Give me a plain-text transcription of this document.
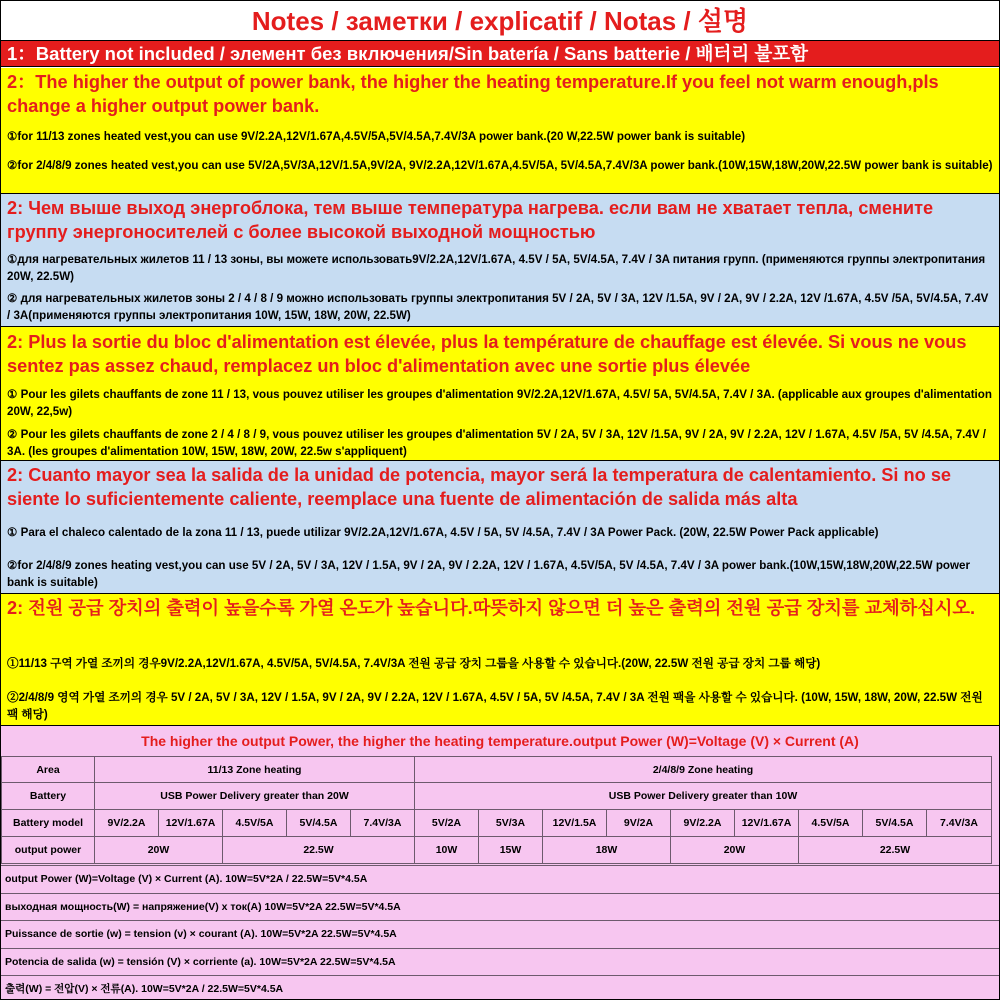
Notes / заметки / explicatif / Notas / 설명
1：Battery not included / элемент без включения/Sin batería / Sans batterie / 배터리 불포함
2：The higher the output of power bank, the higher the heating temperature.If you feel not warm enough,pls change a higher output power bank.
①for 11/13 zones heated vest,you can use 9V/2.2A,12V/1.67A,4.5V/5A,5V/4.5A,7.4V/3A power bank.(20 W,22.5W power bank is suitable)
②for 2/4/8/9 zones heated vest,you can use 5V/2A,5V/3A,12V/1.5A,9V/2A, 9V/2.2A,12V/1.67A,4.5V/5A, 5V/4.5A,7.4V/3A power bank.(10W,15W,18W,20W,22.5W power bank is suitable)
2: Чем выше выход энергоблока, тем выше температура нагрева. если вам не хватает тепла, смените группу энергоносителей с более высокой выходной мощностью
①для нагревательных жилетов 11 / 13 зоны, вы можете использовать9V/2.2A,12V/1.67A, 4.5V / 5A, 5V/4.5A, 7.4V / 3A питания групп. (применяются группы электропитания 20W, 22.5W)
② для нагревательных жилетов зоны 2 / 4 / 8 / 9 можно использовать группы электропитания 5V / 2A, 5V / 3A, 12V /1.5A, 9V / 2A, 9V / 2.2A, 12V /1.67A, 4.5V /5A, 5V/4.5A, 7.4V / 3A(применяются группы электропитания 10W, 15W, 18W, 20W, 22.5W)
2: Plus la sortie du bloc d'alimentation est élevée, plus la température de chauffage est élevée. Si vous ne vous sentez pas assez chaud, remplacez un bloc d'alimentation avec une sortie plus élevée
① Pour les gilets chauffants de zone 11 / 13, vous pouvez utiliser les groupes d'alimentation 9V/2.2A,12V/1.67A, 4.5V/ 5A, 5V/4.5A, 7.4V / 3A. (applicable aux groupes d'alimentation 20W, 22,5w)
② Pour les gilets chauffants de zone 2 / 4 / 8 / 9, vous pouvez utiliser les groupes d'alimentation 5V / 2A, 5V / 3A, 12V /1.5A, 9V / 2A, 9V / 2.2A, 12V / 1.67A, 4.5V /5A, 5V /4.5A, 7.4V / 3A. (les groupes d'alimentation 10W, 15W, 18W, 20W, 22.5w s'appliquent)
2: Cuanto mayor sea la salida de la unidad de potencia, mayor será la temperatura de calentamiento. Si no se siente lo suficientemente caliente, reemplace una fuente de alimentación de salida más alta
① Para el chaleco calentado de la zona 11 / 13, puede utilizar 9V/2.2A,12V/1.67A, 4.5V / 5A, 5V /4.5A, 7.4V / 3A Power Pack. (20W, 22.5W Power Pack applicable)
②for 2/4/8/9 zones heating vest,you can use 5V / 2A, 5V / 3A, 12V / 1.5A, 9V / 2A, 9V / 2.2A, 12V / 1.67A, 4.5V/5A, 5V /4.5A, 7.4V / 3A power bank.(10W,15W,18W,20W,22.5W power bank is suitable)
2: 전원 공급 장치의 출력이 높을수록 가열 온도가 높습니다.따뜻하지 않으면 더 높은 출력의 전원 공급 장치를 교체하십시오.
①11/13 구역 가열 조끼의 경우9V/2.2A,12V/1.67A, 4.5V/5A, 5V/4.5A, 7.4V/3A 전원 공급 장치 그룹을 사용할 수 있습니다.(20W, 22.5W 전원 공급 장치 그룹 해당)
②2/4/8/9 영역 가열 조끼의 경우 5V / 2A, 5V / 3A, 12V / 1.5A, 9V / 2A, 9V / 2.2A, 12V / 1.67A, 4.5V / 5A, 5V /4.5A, 7.4V / 3A 전원 팩을 사용할 수 있습니다. (10W, 15W, 18W, 20W, 22.5W 전원 팩 해당)
The higher the output Power, the higher the heating temperature.output Power (W)=Voltage (V) × Current (A)
Area	11/13 Zone heating					2/4/8/9 Zone heating								
Battery	USB Power Delivery greater than 20W					USB Power Delivery greater than 10W								
Battery model	9V/2.2A	12V/1.67A	4.5V/5A	5V/4.5A	7.4V/3A	5V/2A	5V/3A	12V/1.5A	9V/2A	9V/2.2A	12V/1.67A	4.5V/5A	5V/4.5A	7.4V/3A
output power	20W		22.5W			10W	15W	18W		20W		22.5W		
output Power (W)=Voltage (V) × Current (A). 10W=5V*2A / 22.5W=5V*4.5A
выходная мощность(W) = напряжение(V) x ток(A) 10W=5V*2A 22.5W=5V*4.5A
Puissance de sortie (w) = tension (v) × courant (A). 10W=5V*2A 22.5W=5V*4.5A
Potencia de salida (w) = tensión (V) × corriente (a). 10W=5V*2A 22.5W=5V*4.5A
출력(W) = 전압(V) × 전류(A). 10W=5V*2A / 22.5W=5V*4.5A
